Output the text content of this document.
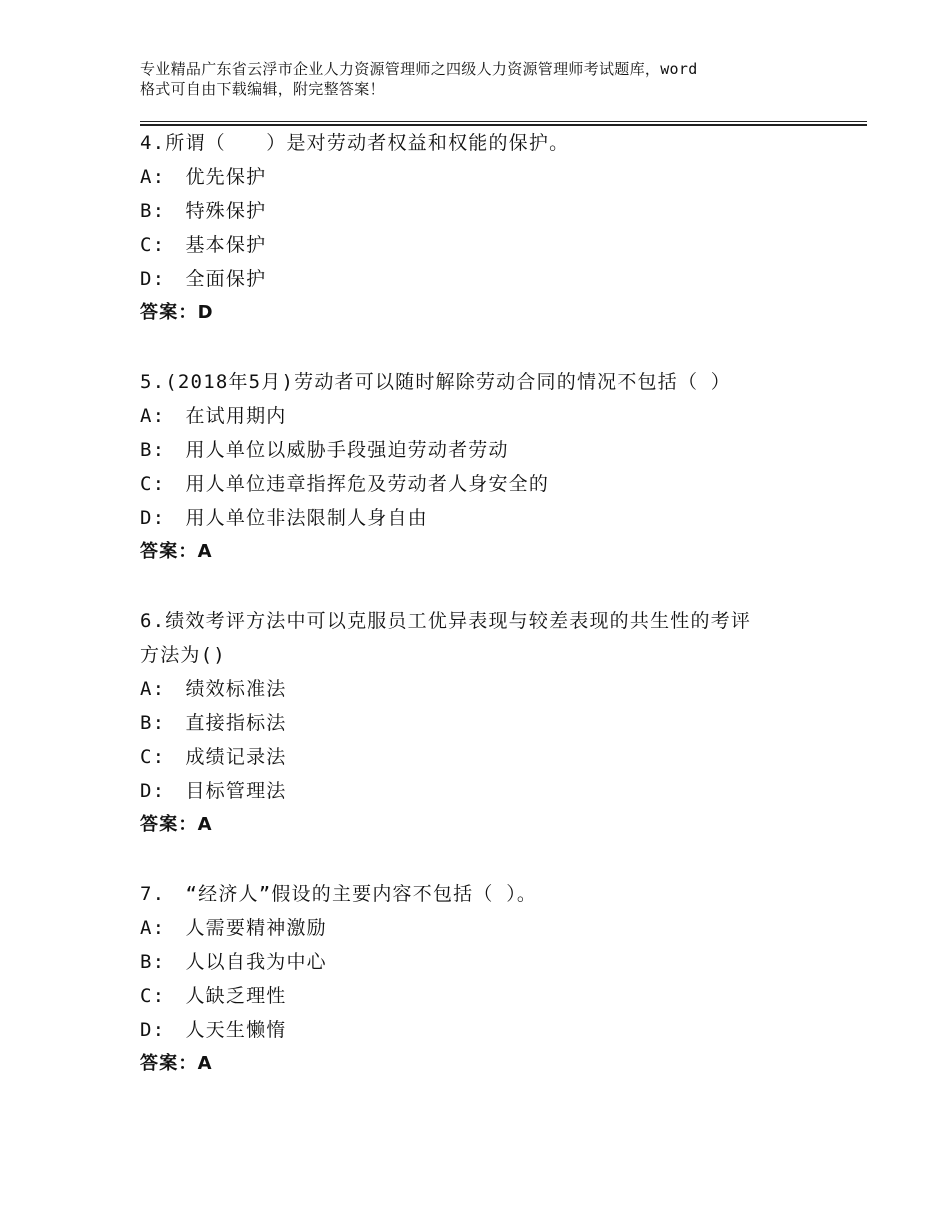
专业精品广东省云浮市企业人力资源管理师之四级人力资源管理师考试题库，word
格式可自由下载编辑，附完整答案！
4.所谓（　　）是对劳动者权益和权能的保护。
A:　优先保护
B:　特殊保护
C:　基本保护
D:　全面保护
答案：D
5.(2018年5月)劳动者可以随时解除劳动合同的情况不包括（ ）
A:　在试用期内
B:　用人单位以威胁手段强迫劳动者劳动
C:　用人单位违章指挥危及劳动者人身安全的
D:　用人单位非法限制人身自由
答案：A
6.绩效考评方法中可以克服员工优异表现与较差表现的共生性的考评
方法为()
A:　绩效标准法
B:　直接指标法
C:　成绩记录法
D:　目标管理法
答案：A
7.　“经济人”假设的主要内容不包括（ ）。
A:　人需要精神激励
B:　人以自我为中心
C:　人缺乏理性
D:　人天生懒惰
答案：A
